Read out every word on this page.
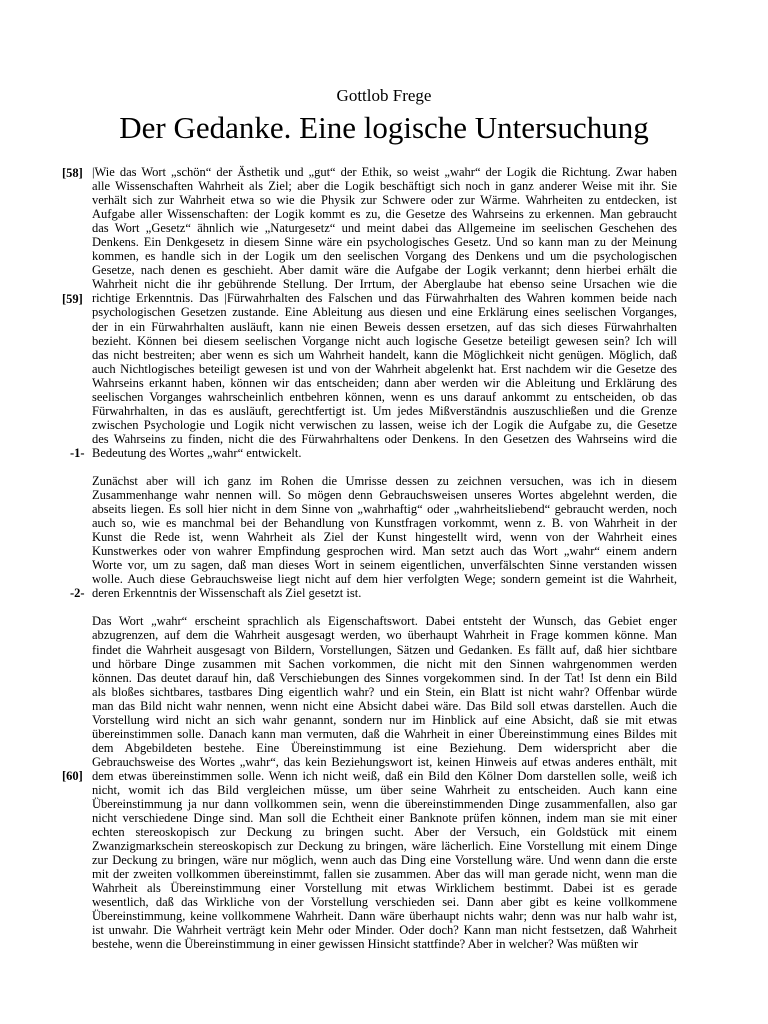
Gottlob Frege
Der Gedanke. Eine logische Untersuchung
[58]
[59]
-1-
-2-
[60]
|Wie das Wort „schön“ der Ästhetik und „gut“ der Ethik, so weist „wahr“ der Logik die Richtung. Zwar haben
alle Wissenschaften Wahrheit als Ziel; aber die Logik beschäftigt sich noch in ganz anderer Weise mit ihr. Sie
verhält sich zur Wahrheit etwa so wie die Physik zur Schwere oder zur Wärme. Wahrheiten zu entdecken, ist
Aufgabe aller Wissenschaften: der Logik kommt es zu, die Gesetze des Wahrseins zu erkennen. Man gebraucht
das Wort „Gesetz“ ähnlich wie „Naturgesetz“ und meint dabei das Allgemeine im seelischen Geschehen des
Denkens. Ein Denkgesetz in diesem Sinne wäre ein psychologisches Gesetz. Und so kann man zu der Meinung
kommen, es handle sich in der Logik um den seelischen Vorgang des Denkens und um die psychologischen
Gesetze, nach denen es geschieht. Aber damit wäre die Aufgabe der Logik verkannt; denn hierbei erhält die
Wahrheit nicht die ihr gebührende Stellung. Der Irrtum, der Aberglaube hat ebenso seine Ursachen wie die
richtige Erkenntnis. Das |Fürwahrhalten des Falschen und das Fürwahrhalten des Wahren kommen beide nach
psychologischen Gesetzen zustande. Eine Ableitung aus diesen und eine Erklärung eines seelischen Vorganges,
der in ein Fürwahrhalten ausläuft, kann nie einen Beweis dessen ersetzen, auf das sich dieses Fürwahrhalten
bezieht. Können bei diesem seelischen Vorgange nicht auch logische Gesetze beteiligt gewesen sein? Ich will
das nicht bestreiten; aber wenn es sich um Wahrheit handelt, kann die Möglichkeit nicht genügen. Möglich, daß
auch Nichtlogisches beteiligt gewesen ist und von der Wahrheit abgelenkt hat. Erst nachdem wir die Gesetze des
Wahrseins erkannt haben, können wir das entscheiden; dann aber werden wir die Ableitung und Erklärung des
seelischen Vorganges wahrscheinlich entbehren können, wenn es uns darauf ankommt zu entscheiden, ob das
Fürwahrhalten, in das es ausläuft, gerechtfertigt ist. Um jedes Mißverständnis auszuschließen und die Grenze
zwischen Psychologie und Logik nicht verwischen zu lassen, weise ich der Logik die Aufgabe zu, die Gesetze
des Wahrseins zu finden, nicht die des Fürwahrhaltens oder Denkens. In den Gesetzen des Wahrseins wird die
Bedeutung des Wortes „wahr“ entwickelt.
Zunächst aber will ich ganz im Rohen die Umrisse dessen zu zeichnen versuchen, was ich in diesem
Zusammenhange wahr nennen will. So mögen denn Gebrauchsweisen unseres Wortes abgelehnt werden, die
abseits liegen. Es soll hier nicht in dem Sinne von „wahrhaftig“ oder „wahrheitsliebend“ gebraucht werden, noch
auch so, wie es manchmal bei der Behandlung von Kunstfragen vorkommt, wenn z. B. von Wahrheit in der
Kunst die Rede ist, wenn Wahrheit als Ziel der Kunst hingestellt wird, wenn von der Wahrheit eines
Kunstwerkes oder von wahrer Empfindung gesprochen wird. Man setzt auch das Wort „wahr“ einem andern
Worte vor, um zu sagen, daß man dieses Wort in seinem eigentlichen, unverfälschten Sinne verstanden wissen
wolle. Auch diese Gebrauchsweise liegt nicht auf dem hier verfolgten Wege; sondern gemeint ist die Wahrheit,
deren Erkenntnis der Wissenschaft als Ziel gesetzt ist.
Das Wort „wahr“ erscheint sprachlich als Eigenschaftswort. Dabei entsteht der Wunsch, das Gebiet enger
abzugrenzen, auf dem die Wahrheit ausgesagt werden, wo überhaupt Wahrheit in Frage kommen könne. Man
findet die Wahrheit ausgesagt von Bildern, Vorstellungen, Sätzen und Gedanken. Es fällt auf, daß hier sichtbare
und hörbare Dinge zusammen mit Sachen vorkommen, die nicht mit den Sinnen wahrgenommen werden
können. Das deutet darauf hin, daß Verschiebungen des Sinnes vorgekommen sind. In der Tat! Ist denn ein Bild
als bloßes sichtbares, tastbares Ding eigentlich wahr? und ein Stein, ein Blatt ist nicht wahr? Offenbar würde
man das Bild nicht wahr nennen, wenn nicht eine Absicht dabei wäre. Das Bild soll etwas darstellen. Auch die
Vorstellung wird nicht an sich wahr genannt, sondern nur im Hinblick auf eine Absicht, daß sie mit etwas
übereinstimmen solle. Danach kann man vermuten, daß die Wahrheit in einer Übereinstimmung eines Bildes mit
dem Abgebildeten bestehe. Eine Übereinstimmung ist eine Beziehung. Dem widerspricht aber die
Gebrauchsweise des Wortes „wahr“, das kein Beziehungswort ist, keinen Hinweis auf etwas anderes enthält, mit
dem etwas übereinstimmen solle. Wenn ich nicht weiß, daß ein Bild den Kölner Dom darstellen solle, weiß ich
nicht, womit ich das Bild vergleichen müsse, um über seine Wahrheit zu entscheiden. Auch kann eine
Übereinstimmung ja nur dann vollkommen sein, wenn die übereinstimmenden Dinge zusammenfallen, also gar
nicht verschiedene Dinge sind. Man soll die Echtheit einer Banknote prüfen können, indem man sie mit einer
echten stereoskopisch zur Deckung zu bringen sucht. Aber der Versuch, ein Goldstück mit einem
Zwanzigmarkschein stereoskopisch zur Deckung zu bringen, wäre lächerlich. Eine Vorstellung mit einem Dinge
zur Deckung zu bringen, wäre nur möglich, wenn auch das Ding eine Vorstellung wäre. Und wenn dann die erste
mit der zweiten vollkommen übereinstimmt, fallen sie zusammen. Aber das will man gerade nicht, wenn man die
Wahrheit als Übereinstimmung einer Vorstellung mit etwas Wirklichem bestimmt. Dabei ist es gerade
wesentlich, daß das Wirkliche von der Vorstellung verschieden sei. Dann aber gibt es keine vollkommene
Übereinstimmung, keine vollkommene Wahrheit. Dann wäre überhaupt nichts wahr; denn was nur halb wahr ist,
ist unwahr. Die Wahrheit verträgt kein Mehr oder Minder. Oder doch? Kann man nicht festsetzen, daß Wahrheit
bestehe, wenn die Übereinstimmung in einer gewissen Hinsicht stattfinde? Aber in welcher? Was müßten wir
